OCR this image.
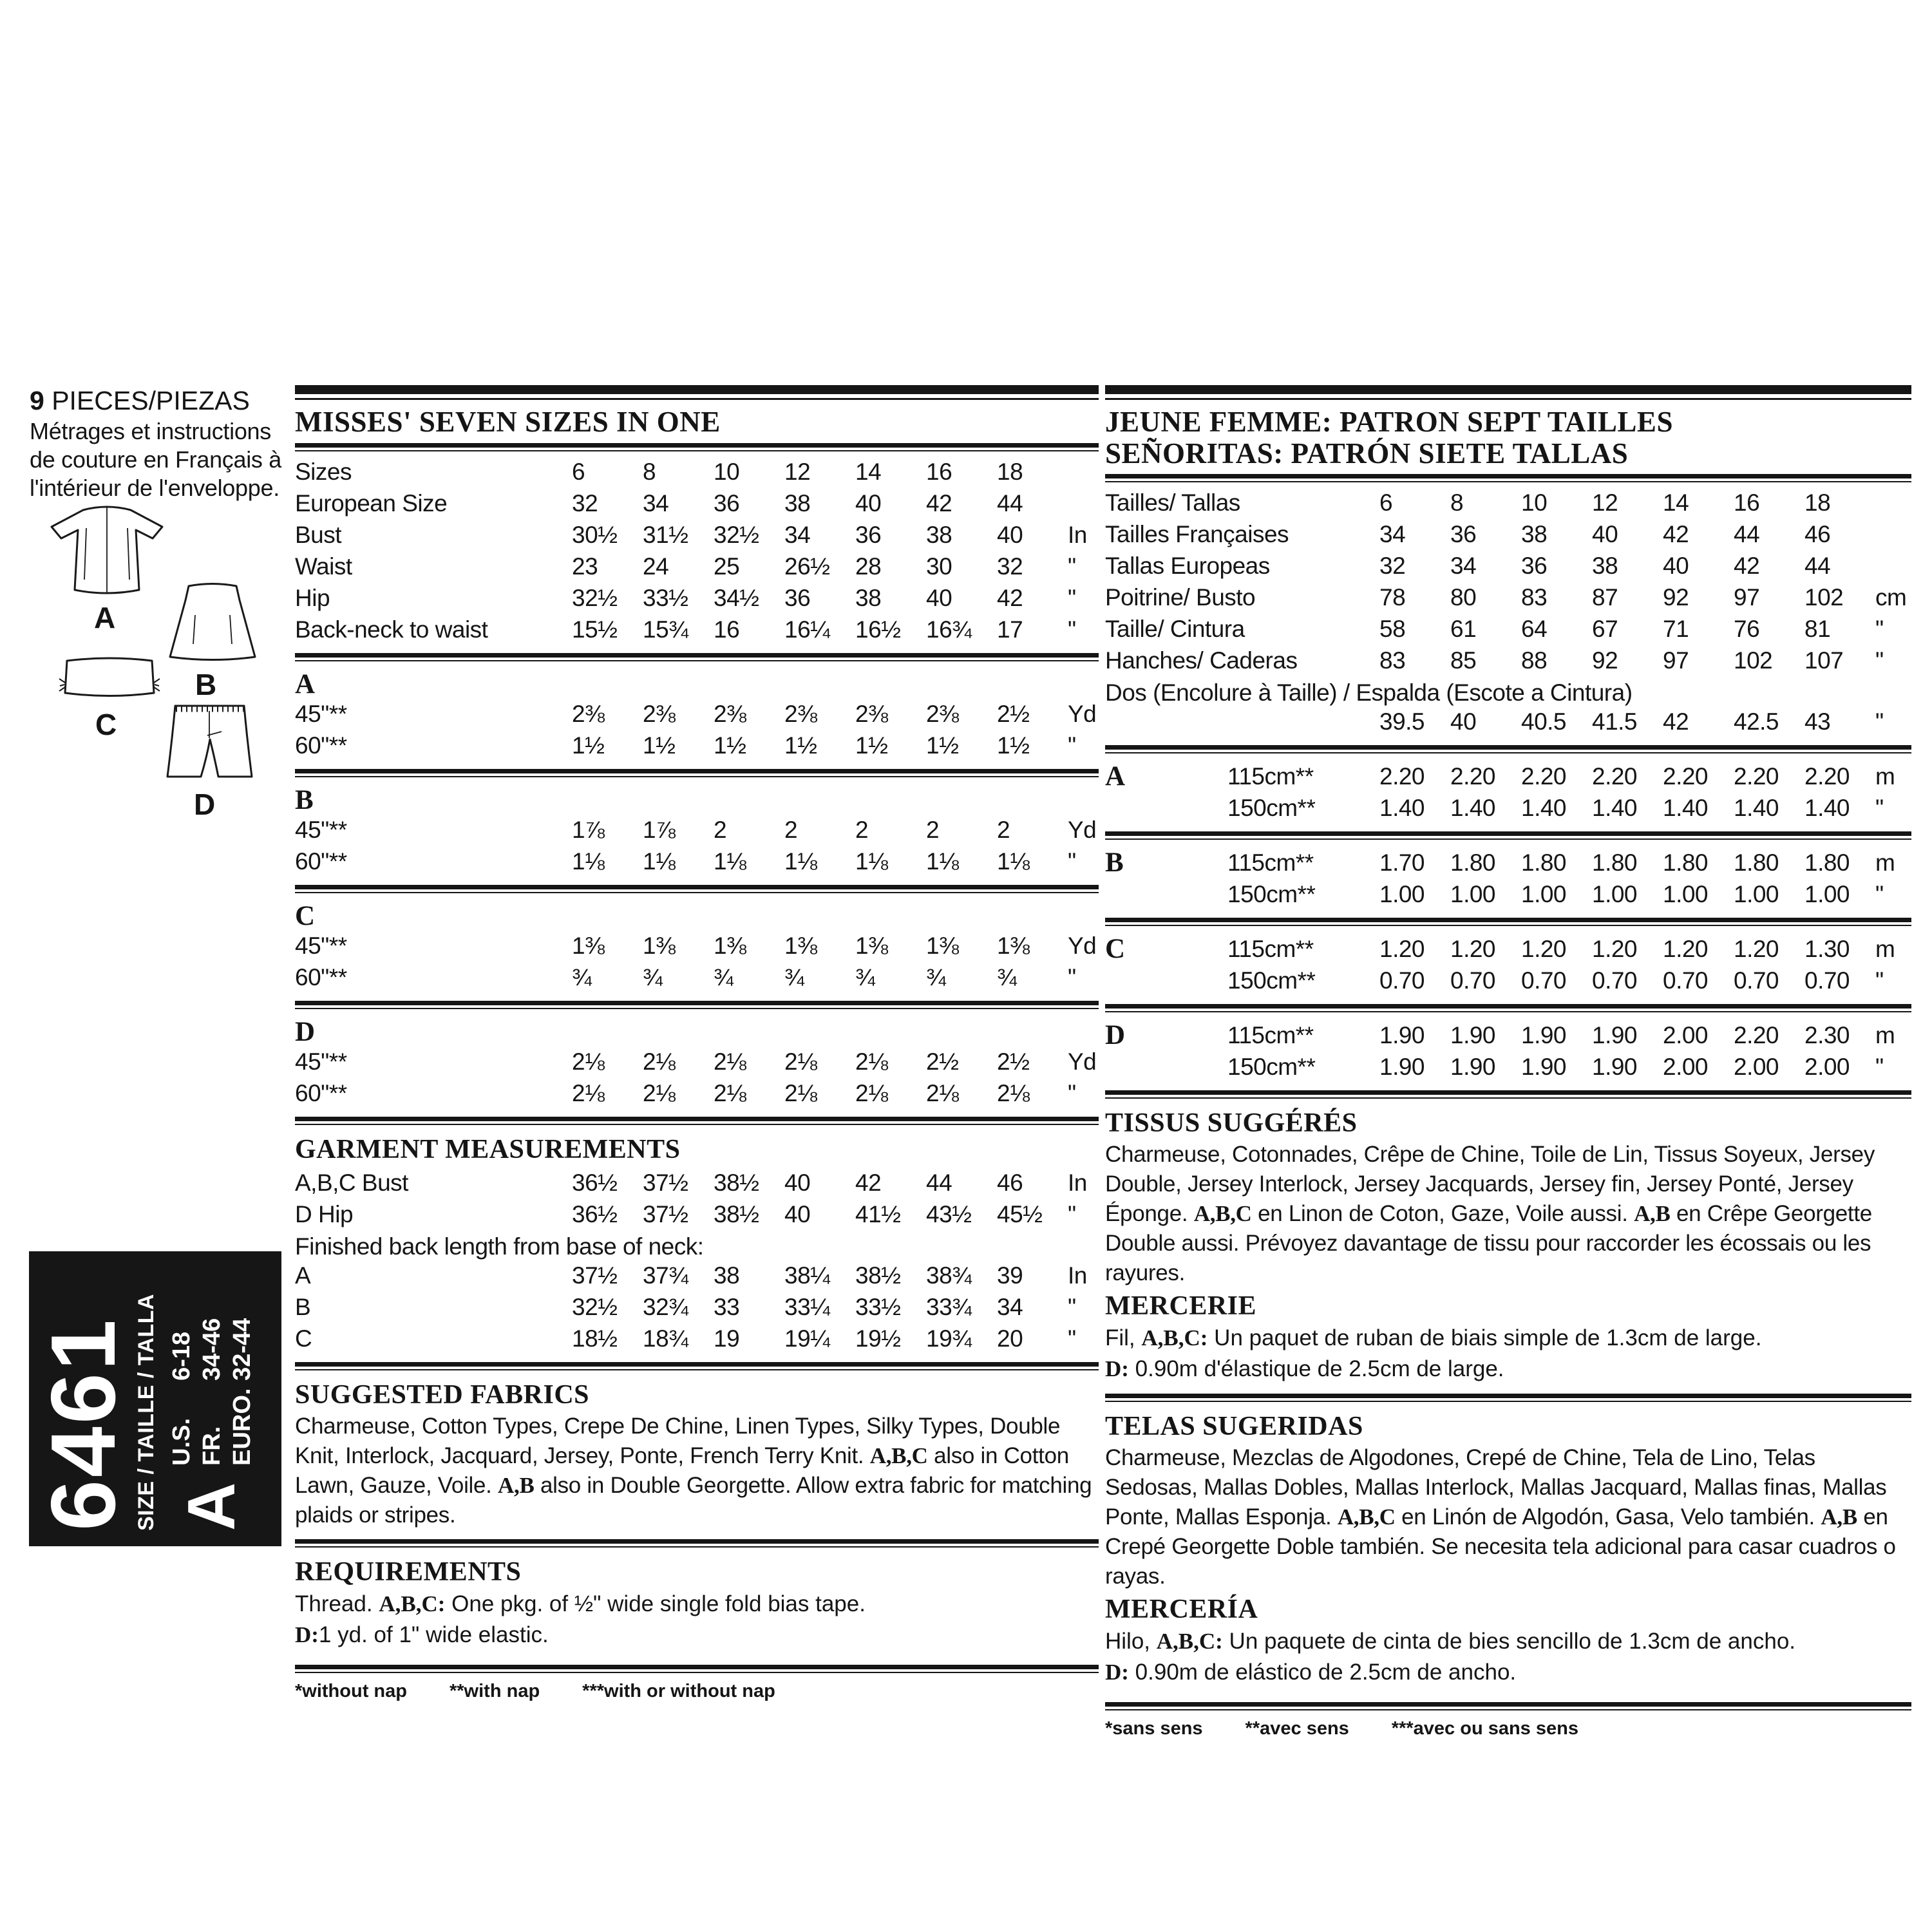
9 PIECES/PIEZAS
Métrages et instructions
de couture en Français à
l'intérieur de l'enveloppe.
A
B
C
D
6461
SIZE / TAILLE / TALLA A
U.S.
6-18
FR.
34-46
EURO.
32-44
MISSES' SEVEN SIZES IN ONE
Sizes	6	8	10	12	14	16	18
European Size	32	34	36	38	40	42	44
Bust	30½	31½	32½	34	36	38	40	In
Waist	23	24	25	26½	28	30	32	"
Hip	32½	33½	34½	36	38	40	42	"
Back-neck to waist	15½	15¾	16	16¼	16½	16¾	17	"
A
45"**	2⅜	2⅜	2⅜	2⅜	2⅜	2⅜	2½	Yd
60"**	1½	1½	1½	1½	1½	1½	1½	"
B
45"**	1⅞	1⅞	2	2	2	2	2	Yd
60"**	1⅛	1⅛	1⅛	1⅛	1⅛	1⅛	1⅛	"
C
45"**	1⅜	1⅜	1⅜	1⅜	1⅜	1⅜	1⅜	Yd
60"**	¾	¾	¾	¾	¾	¾	¾	"
D
45"**	2⅛	2⅛	2⅛	2⅛	2⅛	2½	2½	Yd
60"**	2⅛	2⅛	2⅛	2⅛	2⅛	2⅛	2⅛	"
GARMENT MEASUREMENTS
A,B,C Bust	36½	37½	38½	40	42	44	46	In
D Hip	36½	37½	38½	40	41½	43½	45½	"
Finished back length from base of neck:
A	37½	37¾	38	38¼	38½	38¾	39	In
B	32½	32¾	33	33¼	33½	33¾	34	"
C	18½	18¾	19	19¼	19½	19¾	20	"
SUGGESTED FABRICS

Charmeuse, Cotton Types, Crepe De Chine, Linen Types, Silky Types, Double Knit, Interlock, Jacquard, Jersey, Ponte, French Terry Knit. A,B,C also in Cotton Lawn, Gauze, Voile. A,B also in Double Georgette. Allow extra fabric for matching plaids or stripes.

REQUIREMENTS
Thread. A,B,C: One pkg. of ½" wide single fold bias tape.
D:1 yd. of 1" wide elastic.
*without nap **with nap ***with or without nap
JEUNE FEMME: PATRON SEPT TAILLES
SEÑORITAS: PATRÓN SIETE TALLAS
Tailles/ Tallas	6	8	10	12	14	16	18
Tailles Françaises	34	36	38	40	42	44	46
Tallas Europeas	32	34	36	38	40	42	44
Poitrine/ Busto	78	80	83	87	92	97	102	cm
Taille/ Cintura	58	61	64	67	71	76	81	"
Hanches/ Caderas	83	85	88	92	97	102	107	"
Dos (Encolure à Taille) / Espalda (Escote a Cintura)
39.5	40	40.5	41.5	42	42.5	43	"
A	115cm**	2.20	2.20	2.20	2.20	2.20	2.20	2.20	m
150cm**	1.40	1.40	1.40	1.40	1.40	1.40	1.40	"
B	115cm**	1.70	1.80	1.80	1.80	1.80	1.80	1.80	m
150cm**	1.00	1.00	1.00	1.00	1.00	1.00	1.00	"
C	115cm**	1.20	1.20	1.20	1.20	1.20	1.20	1.30	m
150cm**	0.70	0.70	0.70	0.70	0.70	0.70	0.70	"
D	115cm**	1.90	1.90	1.90	1.90	2.00	2.20	2.30	m
150cm**	1.90	1.90	1.90	1.90	2.00	2.00	2.00	"
TISSUS SUGGÉRÉS

Charmeuse, Cotonnades, Crêpe de Chine, Toile de Lin, Tissus Soyeux, Jersey Double, Jersey Interlock, Jersey Jacquards, Jersey fin, Jersey Ponté, Jersey Éponge. A,B,C en Linon de Coton, Gaze, Voile aussi. A,B en Crêpe Georgette Double aussi. Prévoyez davantage de tissu pour raccorder les écossais ou les rayures.

MERCERIE
Fil, A,B,C: Un paquet de ruban de biais simple de 1.3cm de large.
D: 0.90m d'élastique de 2.5cm de large.
TELAS SUGERIDAS

Charmeuse, Mezclas de Algodones, Crepé de Chine, Tela de Lino, Telas Sedosas, Mallas Dobles, Mallas Interlock, Mallas Jacquard, Mallas finas, Mallas Ponte, Mallas Esponja. A,B,C en Linón de Algodón, Gasa, Velo también. A,B en Crepé Georgette Doble también. Se necesita tela adicional para casar cuadros o rayas.

MERCERÍA
Hilo, A,B,C: Un paquete de cinta de bies sencillo de 1.3cm de ancho.
D: 0.90m de elástico de 2.5cm de ancho.
*sans sens **avec sens ***avec ou sans sens
